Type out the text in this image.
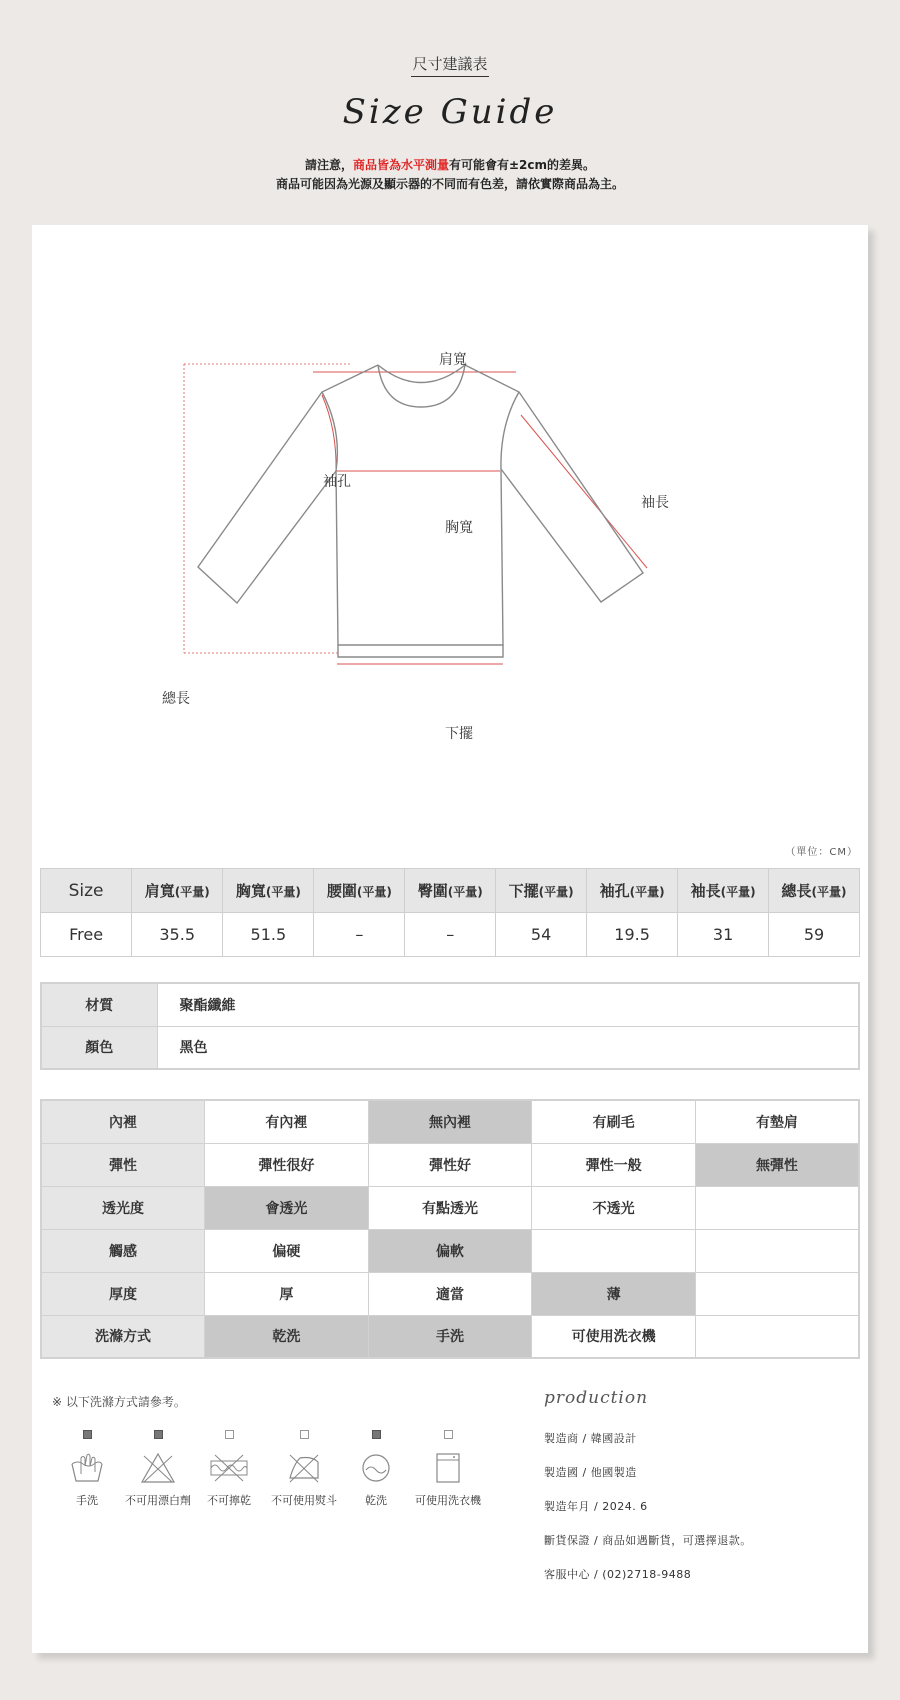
尺寸建議表
Size Guide
請注意，商品皆為水平測量有可能會有±2cm的差異。
商品可能因為光源及顯示器的不同而有色差，請依實際商品為主。
肩寬
袖孔
袖長
胸寬
總長
下擺
（單位：CM）
Size	肩寬(平量)	胸寬(平量)	腰圍(平量)	臀圍(平量)	下擺(平量)	袖孔(平量)	袖長(平量)	總長(平量)
Free	35.5	51.5	–	–	54	19.5	31	59
材質	聚酯纖維
顏色	黑色
內裡	有內裡	無內裡	有刷毛	有墊肩
彈性	彈性很好	彈性好	彈性一般	無彈性
透光度	會透光	有點透光	不透光	
觸感	偏硬	偏軟		
厚度	厚	適當	薄	
洗滌方式	乾洗	手洗	可使用洗衣機	
※ 以下洗滌方式請參考。
手洗	不可用漂白劑	不可擰乾	不可使用熨斗	乾洗	可使用洗衣機
production
製造商 / 韓國設計
製造國 / 他國製造
製造年月 / 2024. 6
斷貨保證 / 商品如遇斷貨，可選擇退款。
客服中心 / (02)2718-9488
